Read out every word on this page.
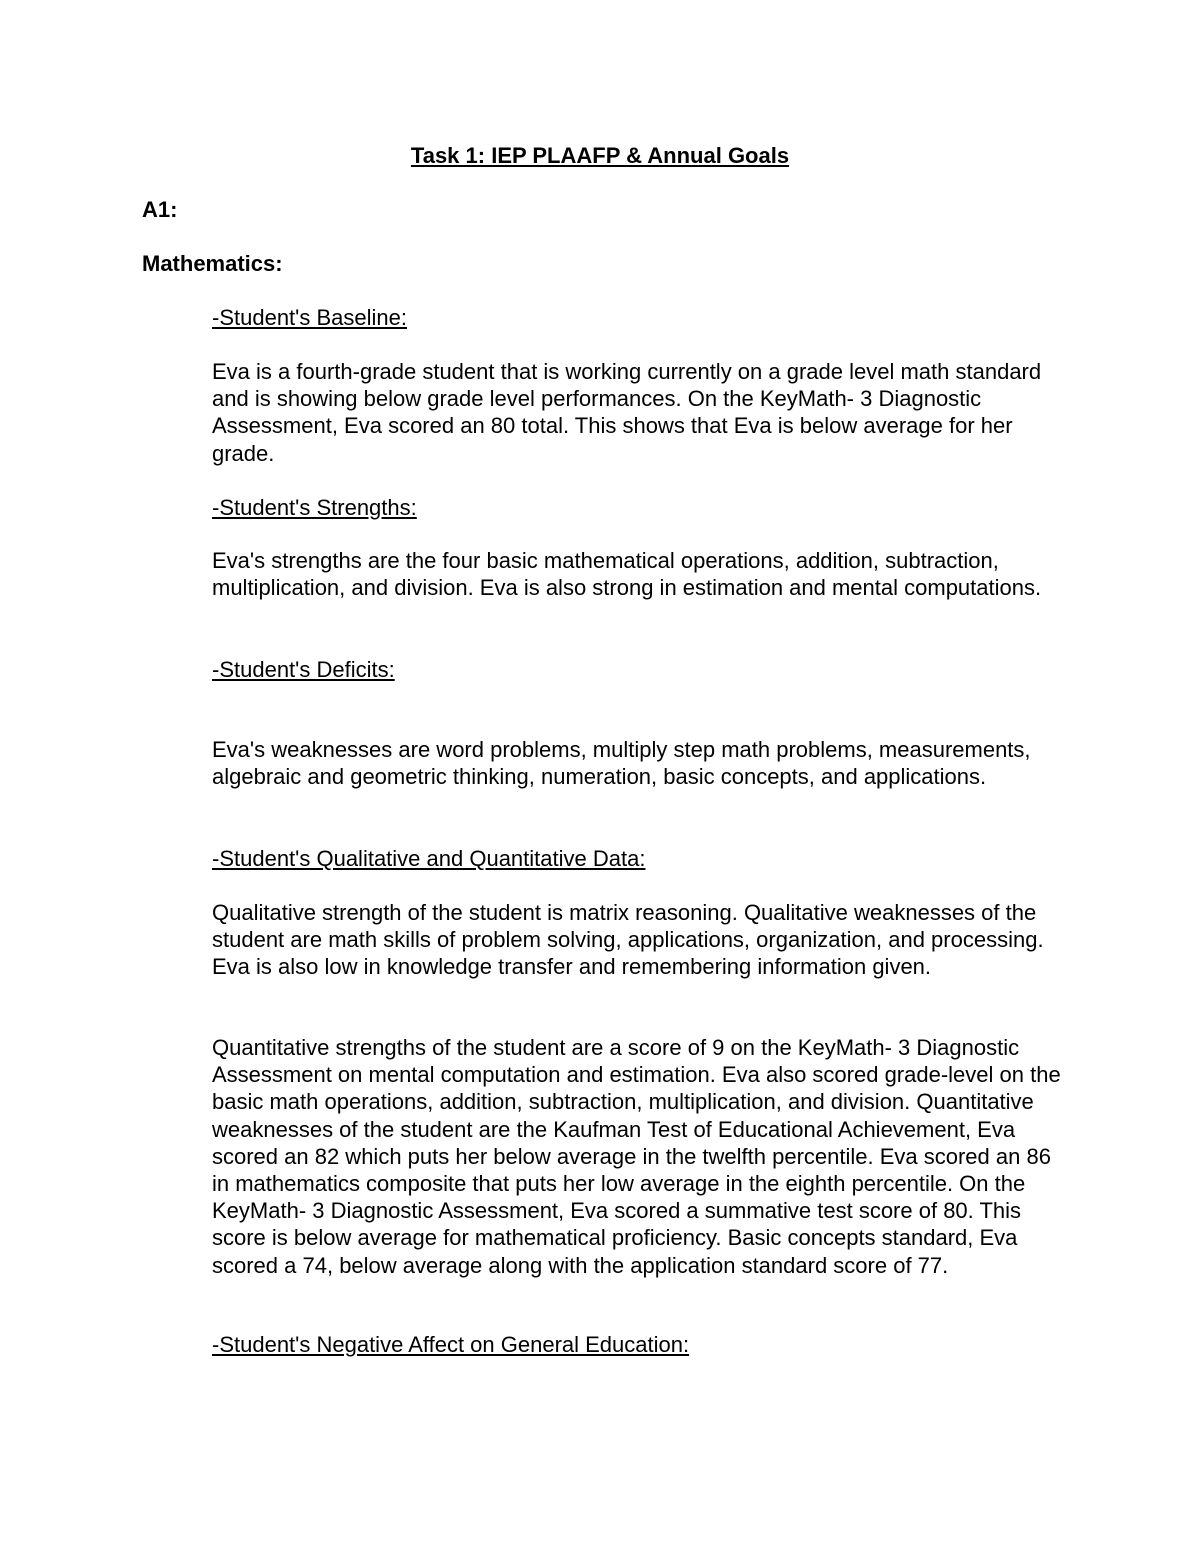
Task 1: IEP PLAAFP & Annual Goals

A1:

Mathematics:

-Student's Baseline:

Eva is a fourth-grade student that is working currently on a grade level math standard and is showing below grade level performances. On the KeyMath- 3 Diagnostic Assessment, Eva scored an 80 total. This shows that Eva is below average for her grade.

-Student's Strengths:

Eva's strengths are the four basic mathematical operations, addition, subtraction, multiplication, and division. Eva is also strong in estimation and mental computations.

-Student's Deficits:

Eva's weaknesses are word problems, multiply step math problems, measurements, algebraic and geometric thinking, numeration, basic concepts, and applications.

-Student's Qualitative and Quantitative Data:

Qualitative strength of the student is matrix reasoning. Qualitative weaknesses of the student are math skills of problem solving, applications, organization, and processing. Eva is also low in knowledge transfer and remembering information given.

Quantitative strengths of the student are a score of 9 on the KeyMath- 3 Diagnostic Assessment on mental computation and estimation. Eva also scored grade-level on the basic math operations, addition, subtraction, multiplication, and division. Quantitative weaknesses of the student are the Kaufman Test of Educational Achievement, Eva scored an 82 which puts her below average in the twelfth percentile. Eva scored an 86 in mathematics composite that puts her low average in the eighth percentile. On the KeyMath- 3 Diagnostic Assessment, Eva scored a summative test score of 80. This score is below average for mathematical proficiency. Basic concepts standard, Eva scored a 74, below average along with the application standard score of 77.

-Student's Negative Affect on General Education:
